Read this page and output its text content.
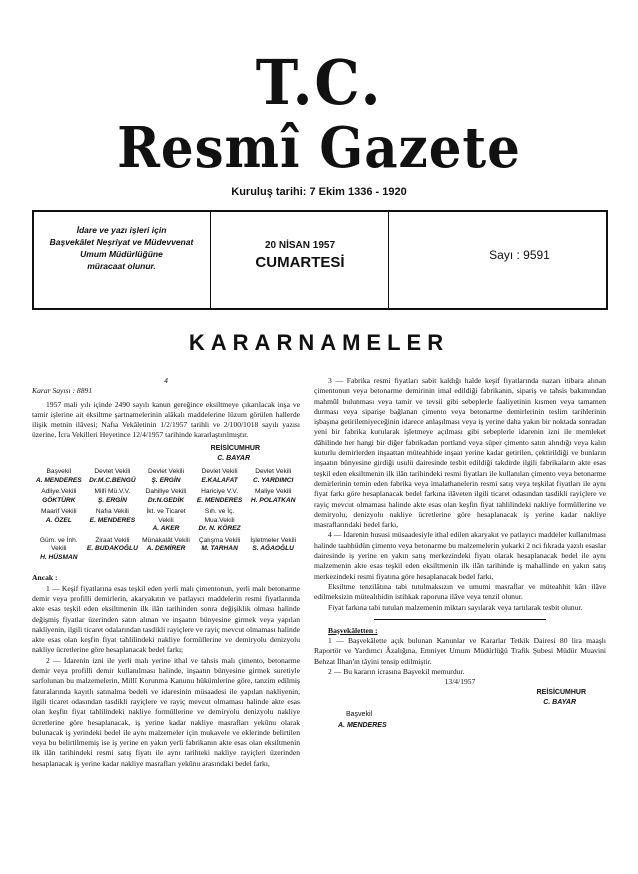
T.C.
Resmî Gazete
Kuruluş tarihi: 7 Ekim 1336 - 1920
İdare ve yazı işleri için
Başvekâlet Neşriyat ve Müdevvenat
Umum Müdürlüğüne
müracaat olunur.
20 NİSAN 1957
CUMARTESİ	Sayı : 9591
KARARNAMELER
4
Karar Sayısı : 8891

1957 mali yılı içinde 2490 sayılı kanun gereğince eksiltmeye çıkarılacak inşa ve tamir işlerine ait eksiltme şartnamelerinin alâkalı maddelerine lüzum görülen hallerde ilişik metnin ilâvesi; Nafıa Vekâletinin 1/2/1957 tarihli ve 2/100/1018 sayılı yazısı üzerine, İcra Vekilleri Heyetince 12/4/1957 tarihinde kararlaştırılmıştır.

REİSİCUMHUR
C. BAYAR
Başvekil
A. MENDERES
Devlet Vekili
Dr.M.C.BENGÜ
Devlet Vekili
Ş. ERGİN
Devlet Vekili
E.KALAFAT
Devlet Vekili
C. YARDIMCI
Adliye.Vekili
GÖKTÜRK
Millî Mü.V.V.
Ş. ERGİN
Dahiliye Vekili
Dr.N.GEDİK
Hariciye V.V.
E. MENDERES
Maliye Vekili
H. POLATKAN
Maarif Vekili
A. ÖZEL
Nafıa Vekili
E. MENDERES
İkt. ve Ticaret Vekili
A. AKER
Sıh. ve İç. Mua.Vekili
Dr. N. KÖREZ
Güm. ve İnh. Vekili
H. HÜSMAN
Ziraat Vekili
E. BUDAKOĞLU
Münakalât Vekili
A. DEMİRER
Çalışma Vekili
M. TARHAN
İşletmeler Vekili
S. AĞAOĞLU
Ancak :

1 — Keşif fiyatlarına esas teşkil eden yerli malı çimentonun, yerli malı betonarme demir veya profilli demirlerin, akaryakıtın ve patlayıcı maddelerin resmi fiyatlarında akte esas teşkil eden eksiltmenin ilk ilân tarihinden sonra değişiklik olması halinde değişmiş fiyatlar üzerinden satın alınan ve inşaatın bünyesine girmek veya yapılan nakliyenin, ilgili ticaret odalarından tasdikli rayiçlere ve rayiç mevcut olmaması halinde akte esas olan keşfin fiyat tahlilindeki nakliye formüllerine ve demiryolu denizyolu nakliye ücretlerine göre hesaplanacak bedel farkı;

2 — İdarenin izni ile yerli malı yerine ithal ve tahsis malı çimento, betonarme demir veya profilli demir kullanılması halinde, inşaatın bünyesine girmek suretiyle sarfolunan bu malzemelerin, Millî Korunma Kanunu hükümlerine göre, tanzim edilmiş faturalarında kayıtlı satınalma bedeli ve idaresinin müsaadesi ile yapılan nakliyenin, ilgili ticaret odasından tasdikli rayiçlere ve rayiç mevcut olmaması halinde akte esas olan keşfin fiyat tahlilindeki nakliye formüllerine ve demiryolu denizyolu nakliye ücretlerine göre hesaplanacak, iş yerine kadar nakliye masrafları yekûnu olarak bulunacak iş yerindeki bedel ile aynı malzemeler için mukavele ve eklerinde belirtilen veya bu belirtilmemiş ise iş yerine en yakın yerli fabrikanın akte esas olan eksiltmenin ilk ilân tarihindeki resmi satış fiyatı ile aynı tarihteki nakliye rayiçleri üzerinden hesaplanacak iş yerine kadar nakliye masrafları yekûnu arasındaki bedel farkı,

3 — Fabrika resmi fiyatları sabit kaldığı halde keşif fiyatlarında nazarı itibara alınan çimentonun veya betonarme demirinin imal edildiği fabrikanın, sipariş ve tahsis bakımından mahmûl bulunması veya tamir ve tevsii gibi sebeplerle faaliyetinin kısmen veya tamamen durması veya siparişe bağlanan çimento veya betonarme demirlerinin teslim tarihlerinin işbaşına getirilemiyeceğinin idarece anlaşılması veya iş yerine daha yakın bir noktada sonradan yeni bir fabrika kurularak işletmeye açılması gibi sebeplerle idarenin izni ile memleket dâhilinde her hangi bir diğer fabrikadan portland veya süper çimento satın alındığı veya kalın kuturlu demirlerden inşaattan müteahhide inşaat yerine kadar getirilen, çektirildiği ve bunların inşaatın bünyesine girdiği usulü dairesinde tesbit edildiği takdirde ilgili fabrikaların akte esas teşkil eden eksiltmenin ilk ilân tarihindeki resmi fiyatları ile kullanılan çimento veya betonarme demirlerinin temin eden fabrika veya imalathanelerin resmi satış veya teşkilat fiyatları ile aynı fiyat farkı göre hesaplanacak bedel farkına ilâveten ilgili ticaret odasından tasdikli rayiçlere ve rayiç mevcut olmaması halinde akte esas olan keşfin fiyat tahlilindeki nakliye formüllerine ve demiryolu, denizyolu nakliye ücretlerine göre hesaplanacak iş yerine kadar nakliye masraflarındaki bedel farkı,

4 — İdarenin hususi müsaadesiyle ithal edilen akaryakıt ve patlayıcı maddeler kullanılması halinde taahhüdün çimento veya betonarme bu malzemelerin yukarki 2 nci fıkrada yazılı esaslar dairesinde iş yerine en yakın satış merkezindeki fiyatı olarak hesaplanacak bedel ile aynı malzemenin akte esas teşkil eden eksiltmenin ilk ilân tarihinde iş mahallinde en yakın satış merkezindeki resmi fiyatına göre hesaplanacak bedel farkı,

Eksiltme tenzilâtına tabi tutulmaksızın ve umumi masraflar ve müteahhit kârı ilâve edilmeksizin mütealıhidin istihkak raporuna ilâve veya tenzil olunur.

Fiyat farkına tabi tutulan malzemenin miktarı sayılarak veya tartılarak tesbit olunur.

Başvekâletten :

1 — Başvekâlette açık bulunan Kanunlar ve Kararlar Tetkik Dairesi 80 lira maaşlı Raportör ve Yardımcı Âzalığına, Emniyet Umum Müdürlüğü Trafik Şubesi Müdür Muavini Behzat İlhan'ın tâyini tensip edilmiştir.

2 — Bu kararın icrasına Başvekil memurdur.

13/4/1957
REİSİCUMHUR
C. BAYAR
Başvekil
A. MENDERES
